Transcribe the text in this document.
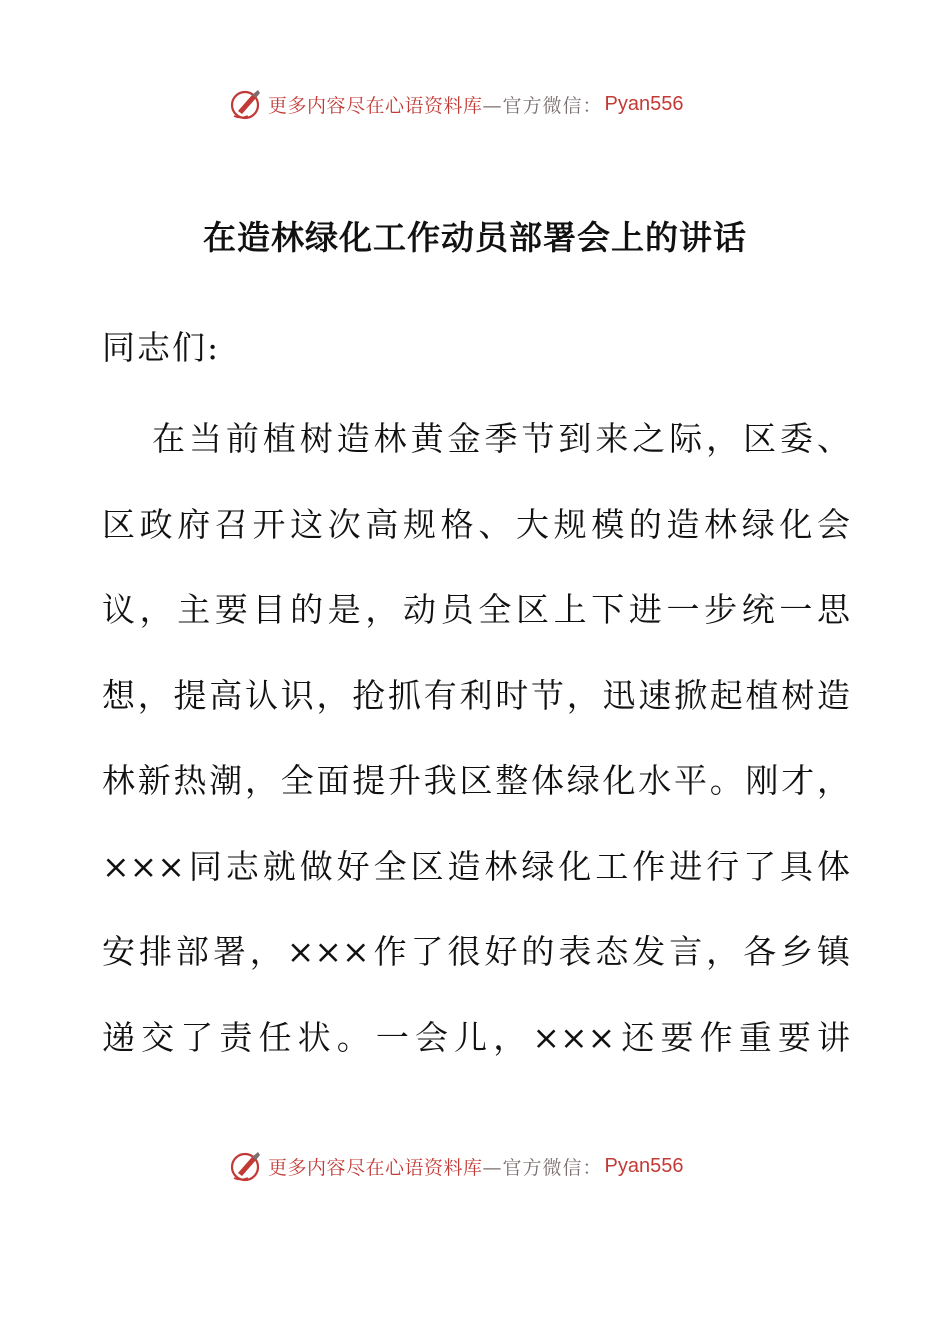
更多内容尽在心语资料库 —官方微信： Pyan556
在造林绿化工作动员部署会上的讲话

同志们:

在当前植树造林黄金季节到来之际，区委、
区政府召开这次高规格、大规模的造林绿化会
议，主要目的是，动员全区上下进一步统一思
想，提高认识，抢抓有利时节，迅速掀起植树造
林新热潮，全面提升我区整体绿化水平。刚才，
×××同志就做好全区造林绿化工作进行了具体
安排部署，×××作了很好的表态发言，各乡镇
递交了责任状。一会儿，×××还要作重要讲
更多内容尽在心语资料库 —官方微信： Pyan556
